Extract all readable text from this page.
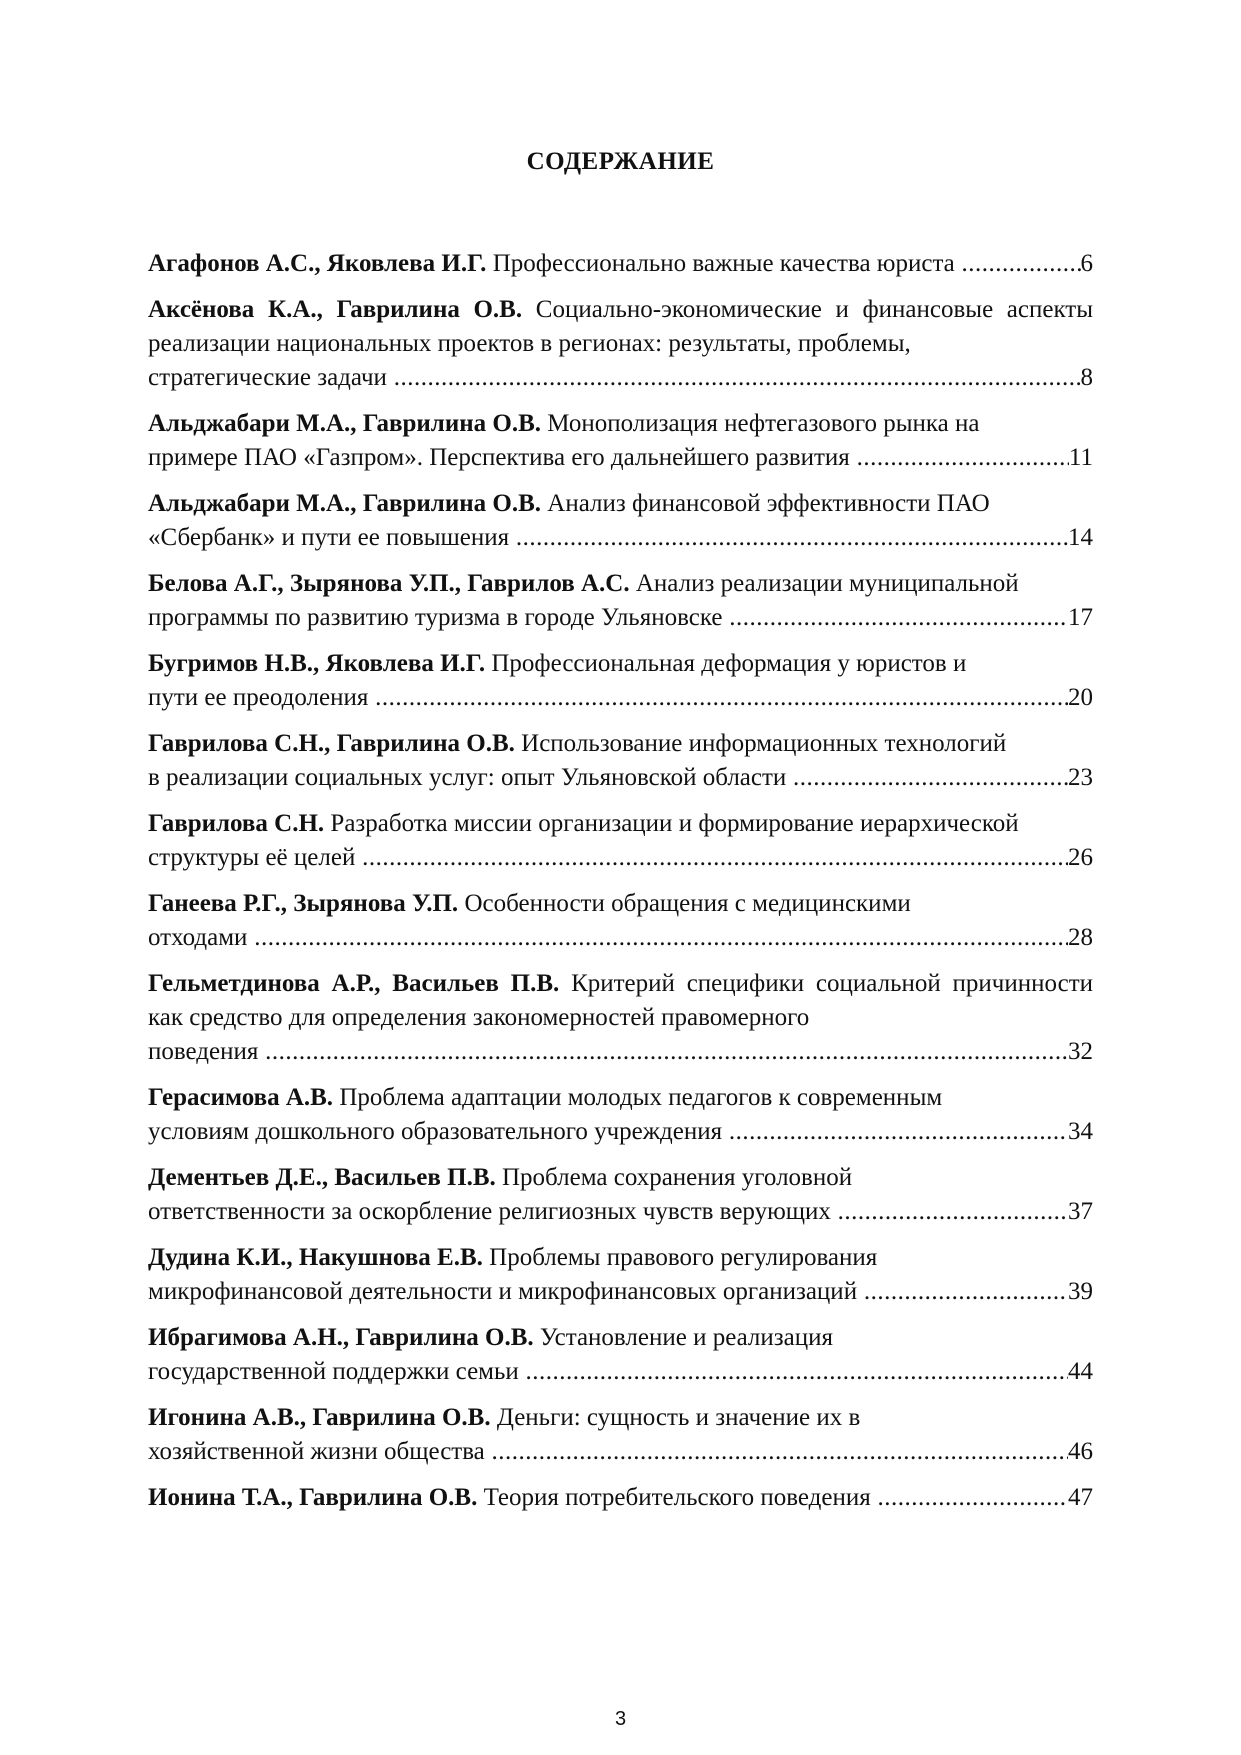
СОДЕРЖАНИЕ
Агафонов А.С., Яковлева И.Г. Профессионально важные качества юриста .....	6
Аксёнова К.А., Гаврилина О.В. Социально-экономические и финансовые аспекты реализации национальных проектов в регионах: результаты, проблемы,
стратегические задачи .....	8
Альджабари М.А., Гаврилина О.В. Монополизация нефтегазового рынка на
примере ПАО «Газпром». Перспектива его дальнейшего развития .....	11
Альджабари М.А., Гаврилина О.В. Анализ финансовой эффективности ПАО
«Сбербанк» и пути ее повышения .....	14
Белова А.Г., Зырянова У.П., Гаврилов А.С. Анализ реализации муниципальной
программы по развитию туризма в городе Ульяновске .....	17
Бугримов Н.В., Яковлева И.Г. Профессиональная деформация у юристов и
пути ее преодоления .....	20
Гаврилова С.Н., Гаврилина О.В. Использование информационных технологий
в реализации социальных услуг: опыт Ульяновской области .....	23
Гаврилова С.Н. Разработка миссии организации и формирование иерархической
структуры её целей .....	26
Ганеева Р.Г., Зырянова У.П. Особенности обращения с медицинскими
отходами .....	28
Гельметдинова А.Р., Васильев П.В. Критерий специфики социальной причинности как средство для определения закономерностей правомерного
поведения .....	32
Герасимова А.В. Проблема адаптации молодых педагогов к современным
условиям дошкольного образовательного учреждения .....	34
Дементьев Д.Е., Васильев П.В. Проблема сохранения уголовной
ответственности за оскорбление религиозных чувств верующих .....	37
Дудина К.И., Накушнова Е.В. Проблемы правового регулирования
микрофинансовой деятельности и микрофинансовых организаций .....	39
Ибрагимова А.Н., Гаврилина О.В. Установление и реализация
государственной поддержки семьи .....	44
Игонина А.В., Гаврилина О.В. Деньги: сущность и значение их в
хозяйственной жизни общества .....	46
Ионина Т.А., Гаврилина О.В. Теория потребительского поведения .....	47
3
